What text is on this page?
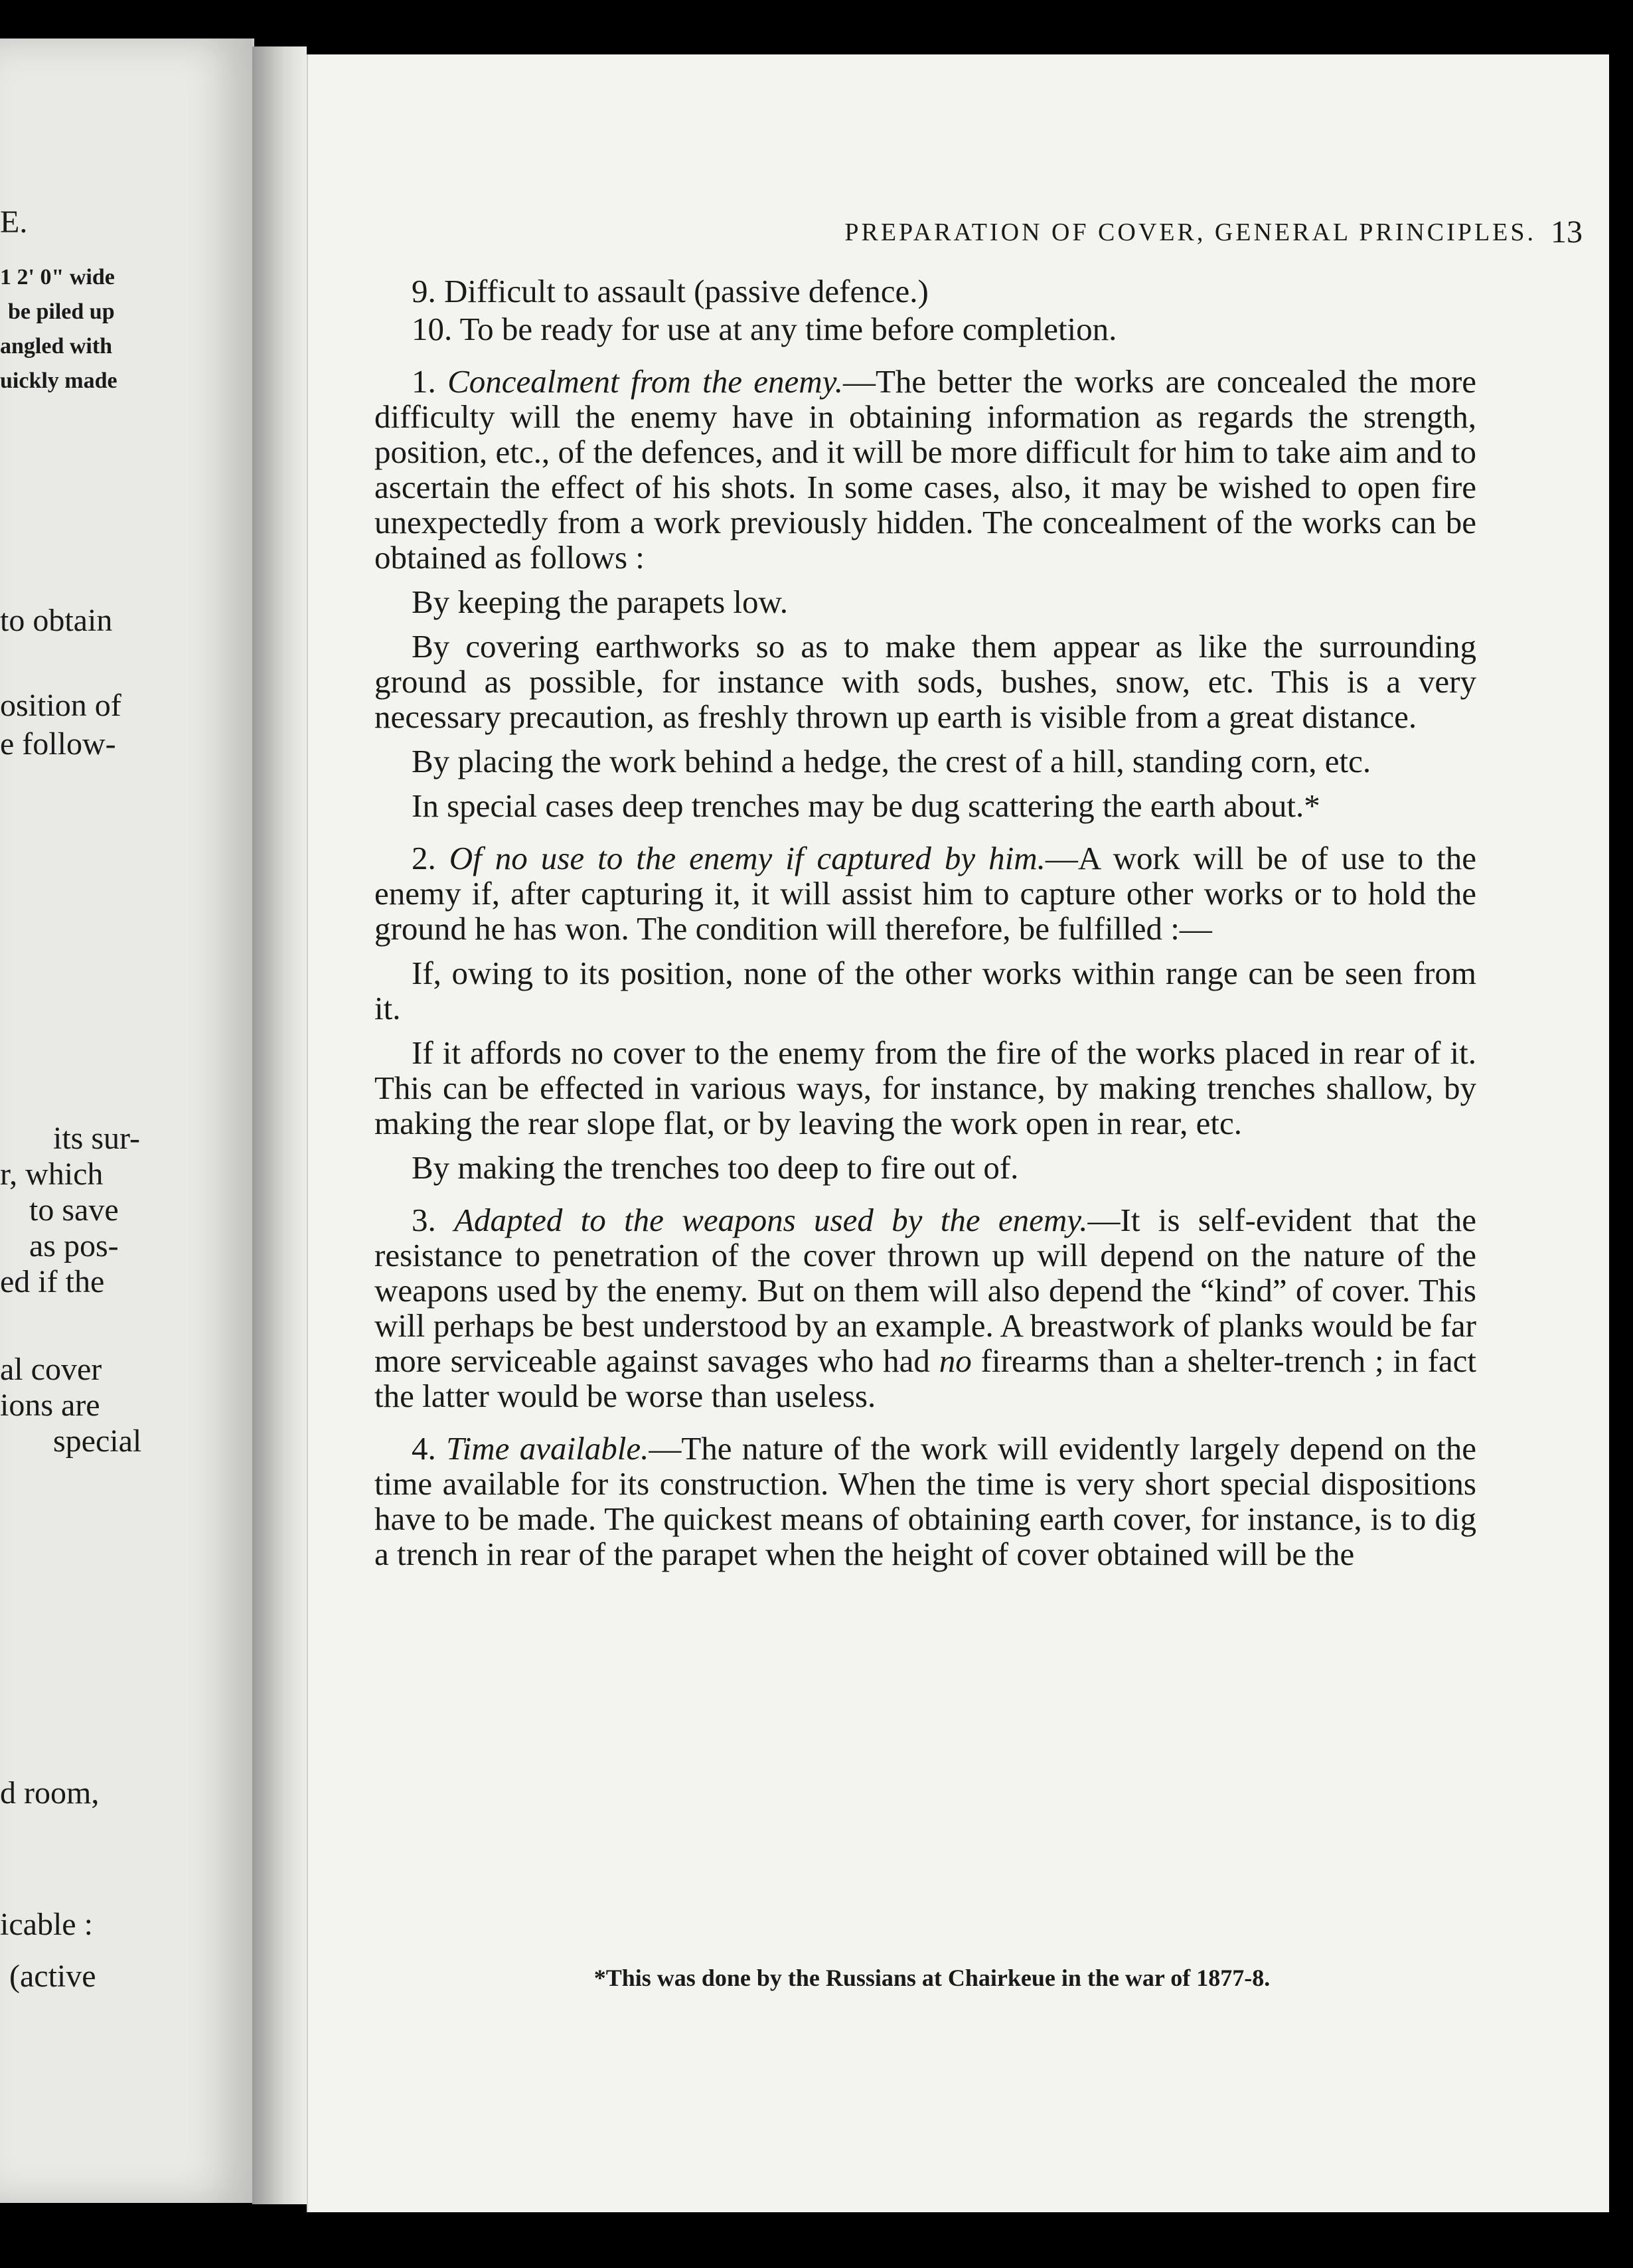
E.
1 2' 0" wide
be piled up
angled with
uickly made
to obtain
osition of
e follow-
its sur-
r, which
to save
as pos-
ed if the
al cover
ions are
special
d room,
icable :
(active
PREPARATION OF COVER, GENERAL PRINCIPLES. 13

9. Difficult to assault (passive defence.)

10. To be ready for use at any time before completion.

1. Concealment from the enemy.—The better the works are concealed the more difficulty will the enemy have in obtaining information as regards the strength, position, etc., of the defences, and it will be more difficult for him to take aim and to ascertain the effect of his shots. In some cases, also, it may be wished to open fire unexpectedly from a work previously hidden. The concealment of the works can be obtained as follows :

By keeping the parapets low.

By covering earthworks so as to make them appear as like the surrounding ground as possible, for instance with sods, bushes, snow, etc. This is a very necessary precaution, as freshly thrown up earth is visible from a great distance.

By placing the work behind a hedge, the crest of a hill, standing corn, etc.

In special cases deep trenches may be dug scattering the earth about.*

2. Of no use to the enemy if captured by him.—A work will be of use to the enemy if, after capturing it, it will assist him to capture other works or to hold the ground he has won. The condition will therefore, be fulfilled :—

If, owing to its position, none of the other works within range can be seen from it.

If it affords no cover to the enemy from the fire of the works placed in rear of it. This can be effected in various ways, for instance, by making trenches shallow, by making the rear slope flat, or by leaving the work open in rear, etc.

By making the trenches too deep to fire out of.

3. Adapted to the weapons used by the enemy.—It is self-evident that the resistance to penetration of the cover thrown up will depend on the nature of the weapons used by the enemy. But on them will also depend the “kind” of cover. This will perhaps be best understood by an example. A breastwork of planks would be far more serviceable against savages who had no firearms than a shelter-trench ; in fact the latter would be worse than useless.

4. Time available.—The nature of the work will evidently largely depend on the time available for its construction. When the time is very short special dispositions have to be made. The quickest means of obtaining earth cover, for instance, is to dig a trench in rear of the parapet when the height of cover obtained will be the

*This was done by the Russians at Chairkeue in the war of 1877-8.
